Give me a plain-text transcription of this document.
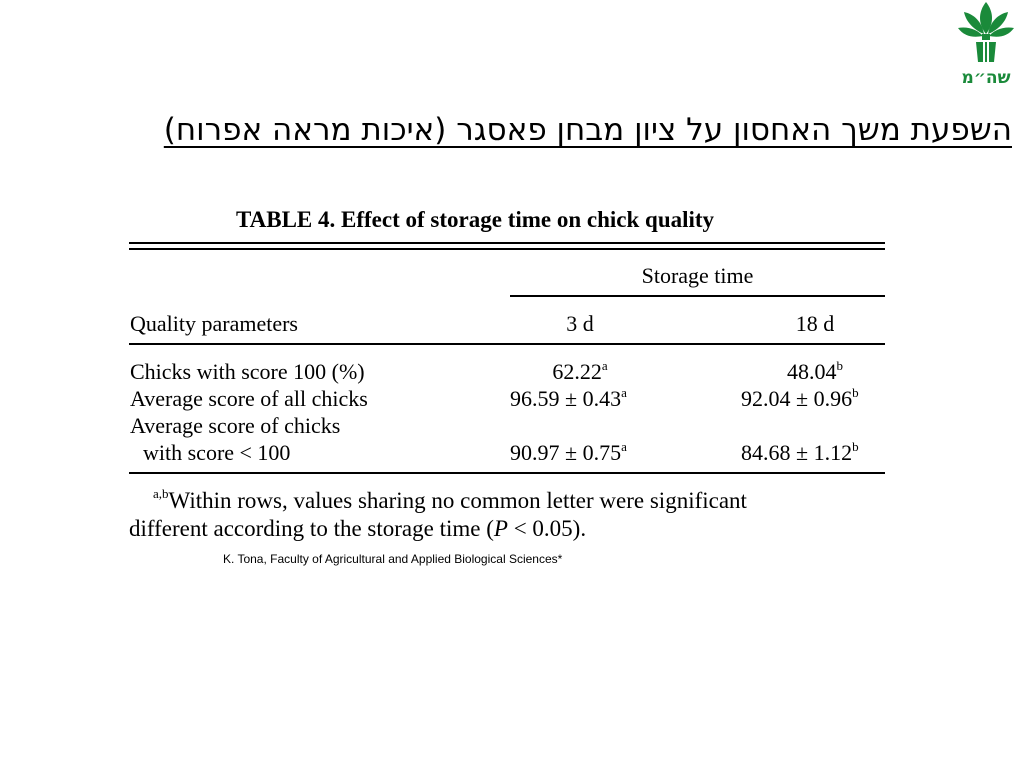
שה״מ
השפעת משך האחסון על ציון מבחן פאסגר (איכות מראה אפרוח)
TABLE 4. Effect of storage time on chick quality
Storage time
Quality parameters	3 d	18 d
Chicks with score 100 (%)	62.22$^a$	48.04$^b$
Average score of all chicks	96.59 ± 0.43$^a$	92.04 ± 0.96$^b$
Average score of chicks
with score < 100	90.97 ± 0.75$^a$	84.68 ± 1.12$^b$
$^{a,b}$Within rows, values sharing no common letter were significant
different according to the storage time (P < 0.05).
K. Tona, Faculty of Agricultural and Applied Biological Sciences*
